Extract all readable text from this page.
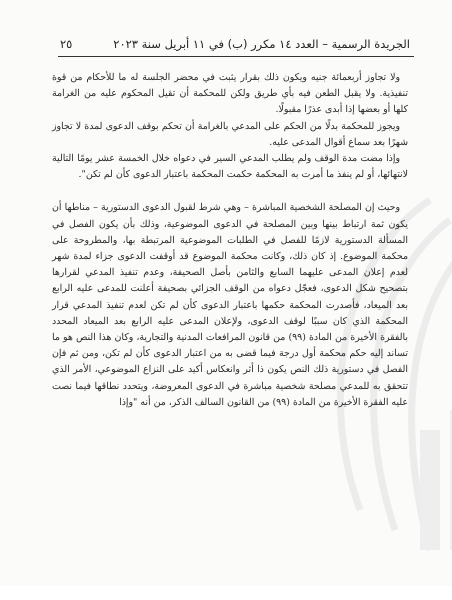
الجريدة الرسمية – العدد ١٤ مكرر (ب) في ١١ أبريل سنة ٢٠٢٣
٢٥

ولا تجاوز أربعمائة جنيه ويكون ذلك بقرار يثبت في محضر الجلسة له ما للأحكام من قوة تنفيذية. ولا يقبل الطعن فيه بأي طريق ولكن للمحكمة أن تقيل المحكوم عليه من الغرامة كلها أو بعضها إذا أبدى عذرًا مقبولًا.

ويجوز للمحكمة بدلًا من الحكم على المدعي بالغرامة أن تحكم بوقف الدعوى لمدة لا تجاوز شهرًا بعد سماع أقوال المدعى عليه.

وإذا مضت مدة الوقف ولم يطلب المدعي السير في دعواه خلال الخمسة عشر يومًا التالية لانتهائها، أو لم ينفذ ما أمرت به المحكمة حكمت المحكمة باعتبار الدعوى كأن لم تكن".

وحيث إن المصلحة الشخصية المباشرة – وهي شرط لقبول الدعوى الدستورية – مناطها أن يكون ثمة ارتباط بينها وبين المصلحة في الدعوى الموضوعية، وذلك بأن يكون الفصل في المسألة الدستورية لازمًا للفصل في الطلبات الموضوعية المرتبطة بها، والمطروحة على محكمة الموضوع. إذ كان ذلك، وكانت محكمة الموضوع قد أوقفت الدعوى جزاء لمدة شهر لعدم إعلان المدعى عليهما السابع والثامن بأصل الصحيفة، وعدم تنفيذ المدعي لقرارها بتصحيح شكل الدعوى، فعجّل دعواه من الوقف الجزائي بصحيفة أعلنت للمدعى عليه الرابع بعد الميعاد، فأصدرت المحكمة حكمها باعتبار الدعوى كأن لم تكن لعدم تنفيذ المدعي قرار المحكمة الذي كان سببًا لوقف الدعوى، ولإعلان المدعى عليه الرابع بعد الميعاد المحدد بالفقرة الأخيرة من المادة (٩٩) من قانون المرافعات المدنية والتجارية، وكان هذا النص هو ما تساند إليه حكم محكمة أول درجة فيما قضى به من اعتبار الدعوى كأن لم تكن، ومن ثم فإن الفصل في دستورية ذلك النص يكون ذا أثر وانعكاس أكيد على النزاع الموضوعي، الأمر الذي تتحقق به للمدعي مصلحة شخصية مباشرة في الدعوى المعروضة، ويتحدد نطاقها فيما نصت عليه الفقرة الأخيرة من المادة (٩٩) من القانون السالف الذكر، من أنه "وإذا
